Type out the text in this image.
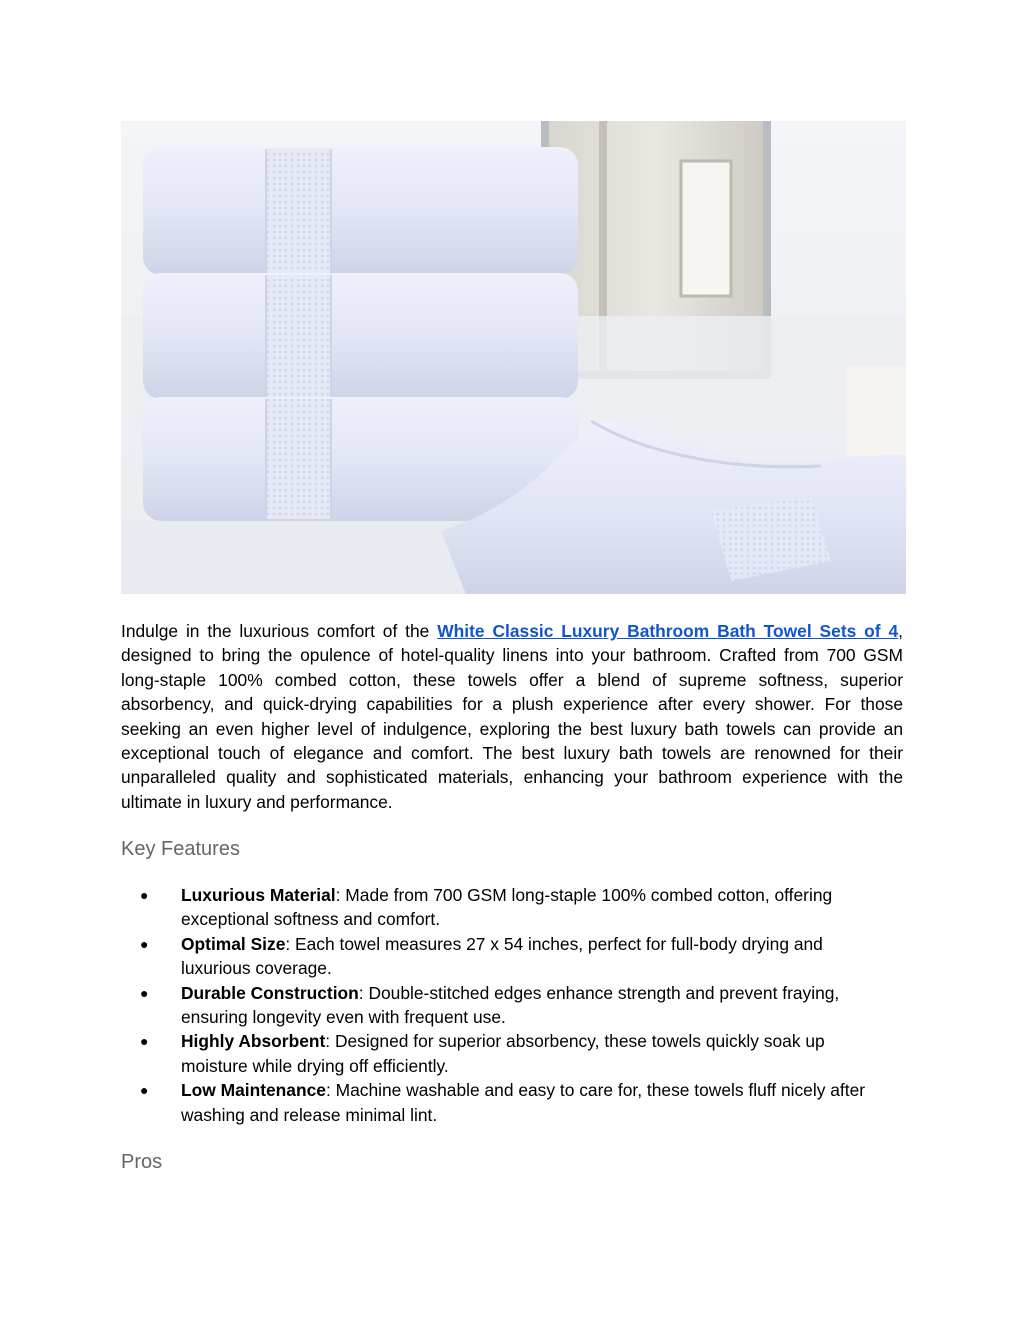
Indulge in the luxurious comfort of the White Classic Luxury Bathroom Bath Towel Sets of 4, designed to bring the opulence of hotel-quality linens into your bathroom. Crafted from 700 GSM long-staple 100% combed cotton, these towels offer a blend of supreme softness, superior absorbency, and quick-drying capabilities for a plush experience after every shower. For those seeking an even higher level of indulgence, exploring the best luxury bath towels can provide an exceptional touch of elegance and comfort. The best luxury bath towels are renowned for their unparalleled quality and sophisticated materials, enhancing your bathroom experience with the ultimate in luxury and performance.

Key Features
● Luxurious Material: Made from 700 GSM long-staple 100% combed cotton, offering exceptional softness and comfort.
● Optimal Size: Each towel measures 27 x 54 inches, perfect for full-body drying and luxurious coverage.
● Durable Construction: Double-stitched edges enhance strength and prevent fraying, ensuring longevity even with frequent use.
● Highly Absorbent: Designed for superior absorbency, these towels quickly soak up moisture while drying off efficiently.
● Low Maintenance: Machine washable and easy to care for, these towels fluff nicely after washing and release minimal lint.
Pros
